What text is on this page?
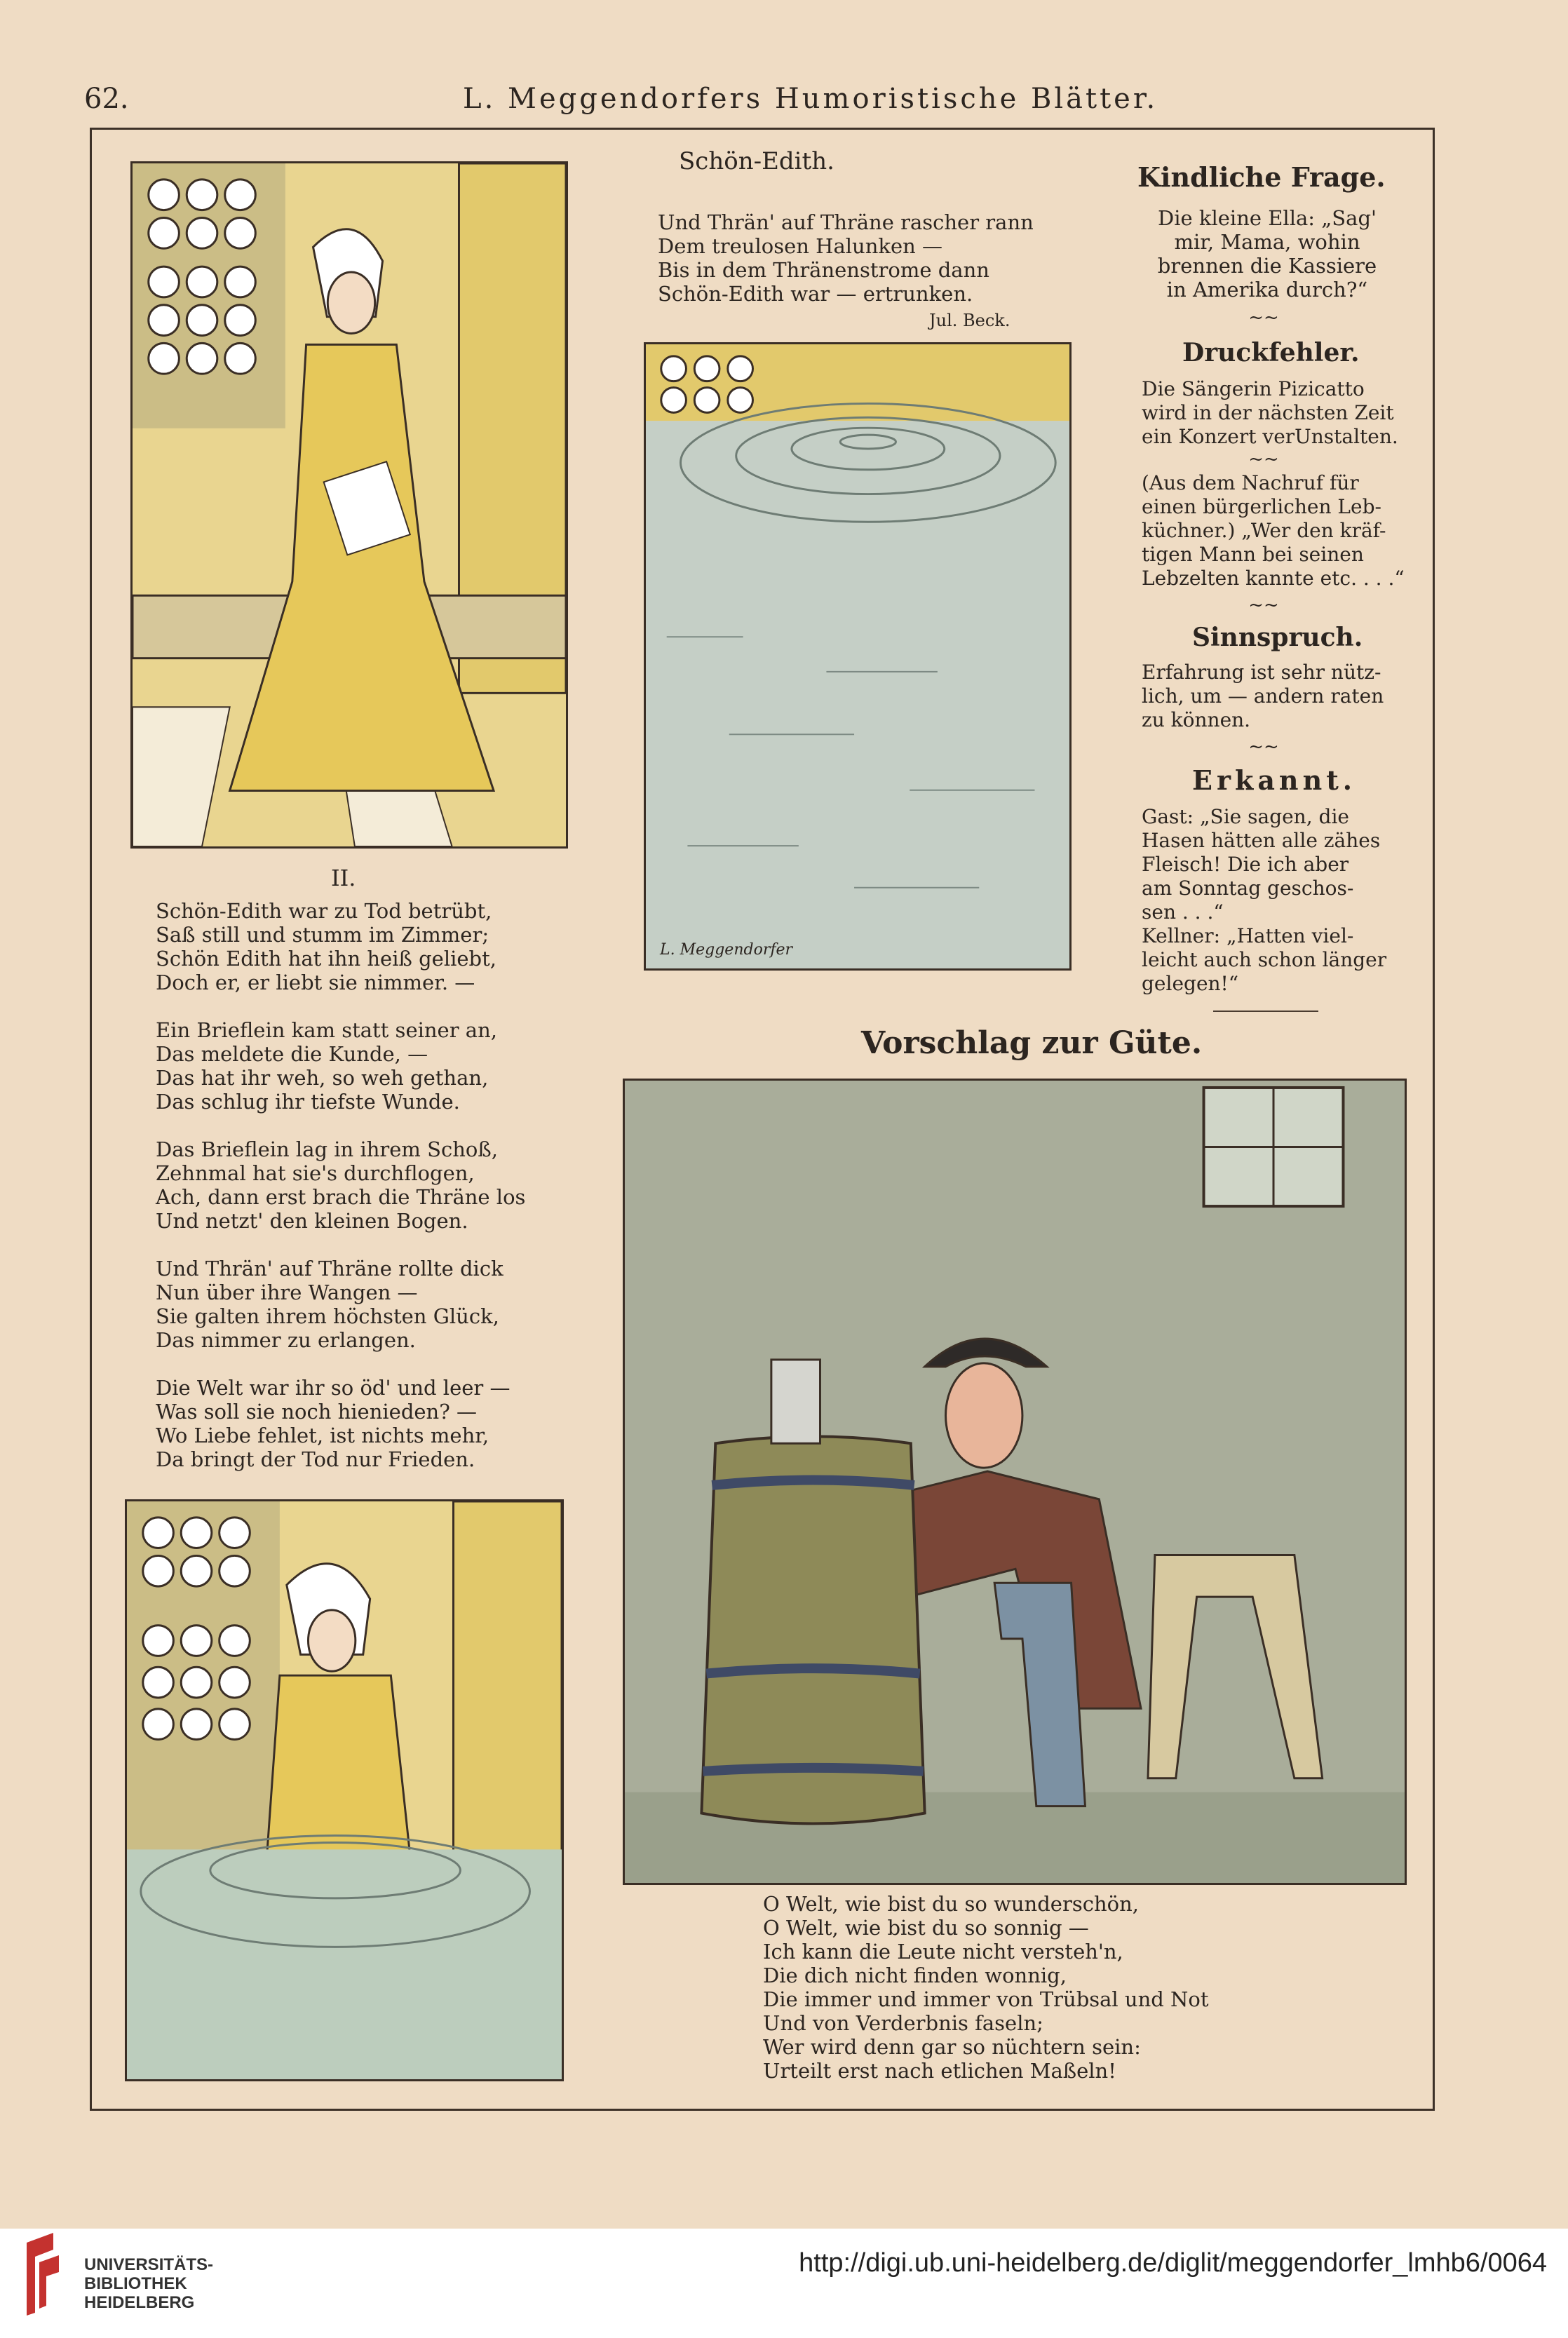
62.	L. Meggendorfers Humoristische Blätter.
L. Meggendorfer
Schön-Edith.
Und Thrän' auf Thräne rascher rann
Dem treulosen Halunken —
Bis in dem Thränenstrome dann
Schön-Edith war — ertrunken.
Jul. Beck.
II.
Schön-Edith war zu Tod betrübt,
Saß still und stumm im Zimmer;
Schön Edith hat ihn heiß geliebt,
Doch er, er liebt sie nimmer. —
Ein Brieflein kam statt seiner an,
Das meldete die Kunde, —
Das hat ihr weh, so weh gethan,
Das schlug ihr tiefste Wunde.
Das Brieflein lag in ihrem Schoß,
Zehnmal hat sie's durchflogen,
Ach, dann erst brach die Thräne los
Und netzt' den kleinen Bogen.
Und Thrän' auf Thräne rollte dick
Nun über ihre Wangen —
Sie galten ihrem höchsten Glück,
Das nimmer zu erlangen.
Die Welt war ihr so öd' und leer —
Was soll sie noch hienieden? —
Wo Liebe fehlet, ist nichts mehr,
Da bringt der Tod nur Frieden.
Kindliche Frage.
Die kleine Ella: „Sag'
mir, Mama, wohin
brennen die Kassiere
in Amerika durch?“
~~
Druckfehler.
Die Sängerin Pizicatto
wird in der nächsten Zeit
ein Konzert verUnstalten.
~~
(Aus dem Nachruf für
einen bürgerlichen Leb-
küchner.) „Wer den kräf-
tigen Mann bei seinen
Lebzelten kannte etc. . . .“
~~
Sinnspruch.
Erfahrung ist sehr nütz-
lich, um — andern raten
zu können.
~~
Erkannt.
Gast: „Sie sagen, die
Hasen hätten alle zähes
Fleisch! Die ich aber
am Sonntag geschos-
sen . . .“
Kellner: „Hatten viel-
leicht auch schon länger
gelegen!“
Vorschlag zur Güte.
O Welt, wie bist du so wunderschön,
O Welt, wie bist du so sonnig —
Ich kann die Leute nicht versteh'n,
Die dich nicht finden wonnig,
Die immer und immer von Trübsal und Not
Und von Verderbnis faseln;
Wer wird denn gar so nüchtern sein:
Urteilt erst nach etlichen Maßeln!
UNIVERSITÄTS-
BIBLIOTHEK
HEIDELBERG
http://digi.ub.uni-heidelberg.de/diglit/meggendorfer_lmhb6/0064
